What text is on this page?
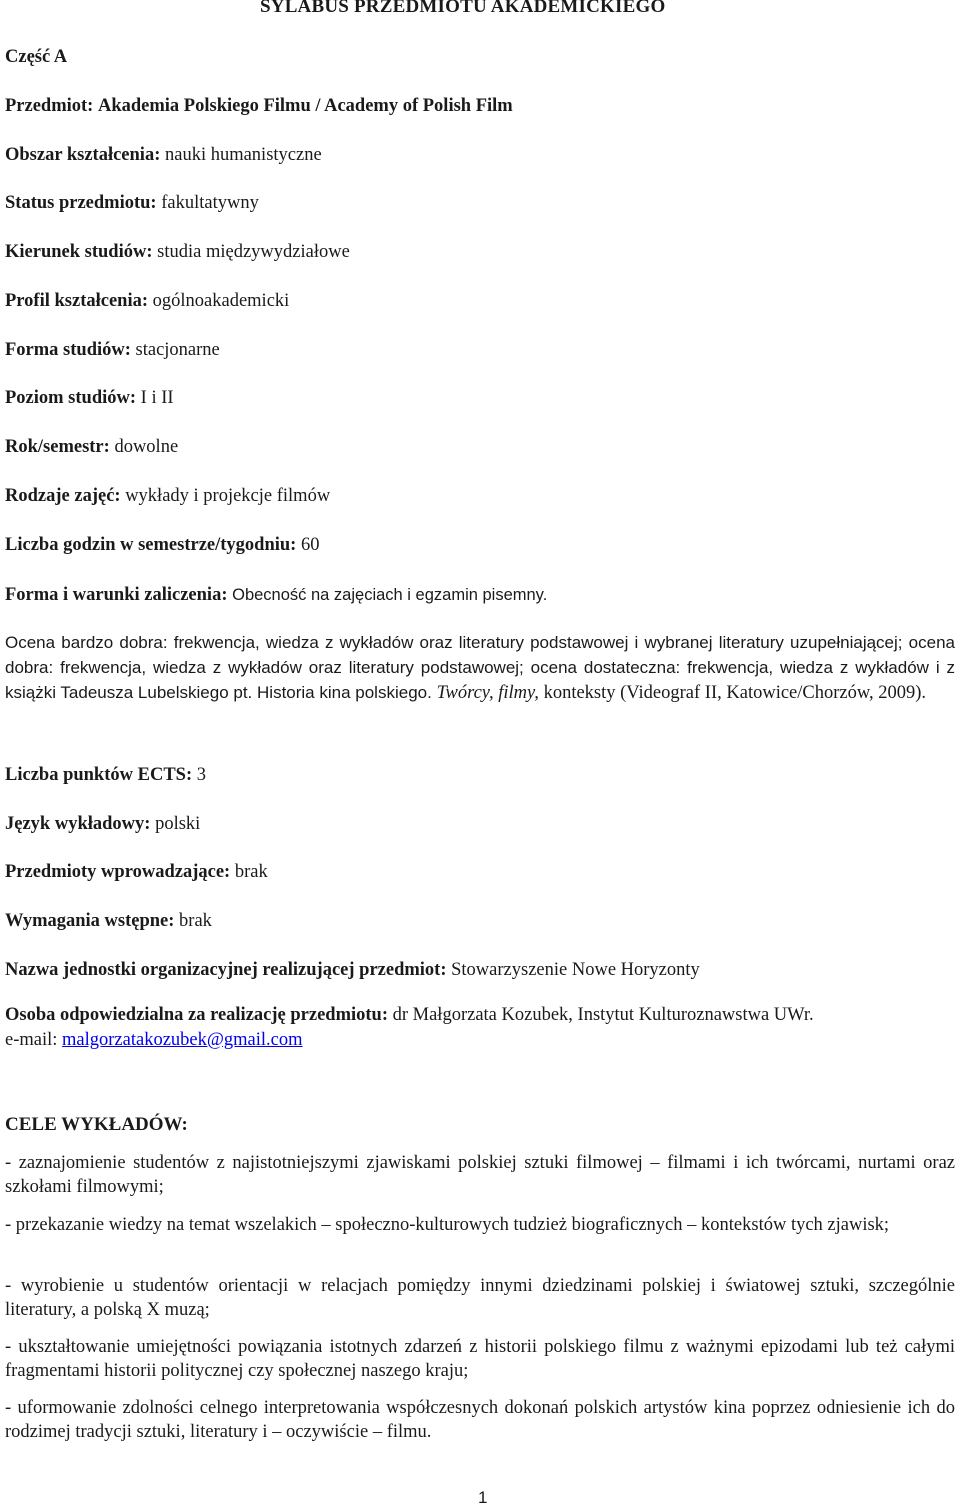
SYLABUS PRZEDMIOTU AKADEMICKIEGO
Część A
Przedmiot: Akademia Polskiego Filmu / Academy of Polish Film
Obszar kształcenia: nauki humanistyczne
Status przedmiotu: fakultatywny
Kierunek studiów: studia międzywydziałowe
Profil kształcenia: ogólnoakademicki
Forma studiów: stacjonarne
Poziom studiów: I i II
Rok/semestr: dowolne
Rodzaje zajęć: wykłady i projekcje filmów
Liczba godzin w semestrze/tygodniu: 60
Forma i warunki zaliczenia: Obecność na zajęciach i egzamin pisemny.
Ocena bardzo dobra: frekwencja, wiedza z wykładów oraz literatury podstawowej i wybranej literatury uzupełniającej; ocena dobra: frekwencja, wiedza z wykładów oraz literatury podstawowej; ocena dostateczna: frekwencja, wiedza z wykładów i z książki Tadeusza Lubelskiego pt. Historia kina polskiego. Twórcy, filmy, konteksty (Videograf II, Katowice/Chorzów, 2009).
Liczba punktów ECTS: 3
Język wykładowy: polski
Przedmioty wprowadzające: brak
Wymagania wstępne: brak
Nazwa jednostki organizacyjnej realizującej przedmiot: Stowarzyszenie Nowe Horyzonty
Osoba odpowiedzialna za realizację przedmiotu: dr Małgorzata Kozubek, Instytut Kulturoznawstwa UWr.
e-mail: malgorzatakozubek@gmail.com
CELE WYKŁADÓW:
- zaznajomienie studentów z najistotniejszymi zjawiskami polskiej sztuki filmowej – filmami i ich twórcami, nurtami oraz szkołami filmowymi;
- przekazanie wiedzy na temat wszelakich – społeczno-kulturowych tudzież biograficznych – kontekstów tych zjawisk;
- wyrobienie u studentów orientacji w relacjach pomiędzy innymi dziedzinami polskiej i światowej sztuki, szczególnie literatury, a polską X muzą;
- ukształtowanie umiejętności powiązania istotnych zdarzeń z historii polskiego filmu z ważnymi epizodami lub też całymi fragmentami historii politycznej czy społecznej naszego kraju;
- uformowanie zdolności celnego interpretowania współczesnych dokonań polskich artystów kina poprzez odniesienie ich do rodzimej tradycji sztuki, literatury i – oczywiście – filmu.
1
